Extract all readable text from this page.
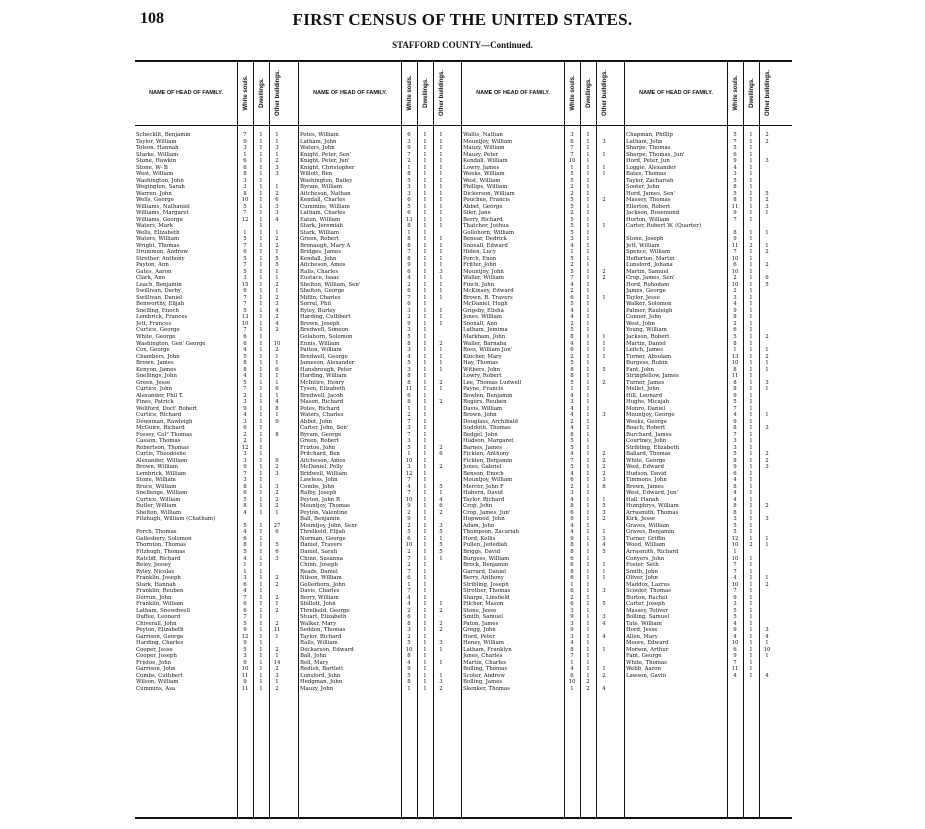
108	FIRST CENSUS OF THE UNITED STATES.
STAFFORD COUNTY—Continued.
NAME OF HEAD OF FAMILY.	White souls. Dwellings. Other buildings.
Scheckllt, Benjamin	7	1	1
Taylor, William	9	1	1
Tolson, Hannah	3	1	3
Starke, William	1	1	1
Stone, Hawkin	6	1	2
Stone, W- B	6	1	3
West, William	8	1	3
Washington, John	3	1
Wegington, Sarah	3	1	1
Warren, John	8	1	2
Wells, George	10	1	6
Williams, Nathaniel	5	1	3
Williams, Margaret	7	1	3
Williams, George	12	1	4
Waters, Mark	1
Wells, Elizabeth	1	1	1
Waters, William	5	1	2
Wright, Thomas	7	1	2
Drummon, Andrew	6	1	1
Strother, Anthony	5	1	5
Payton, Ann	7	1	5
Gates, Aaron	5	1	1
Clark, Ann	3	1	1
Leach, Benjamin	15	1	2
Swillivan, Darby	6	1	1
Swillivan, Daniel	7	1	2
Benworthy, Elijah	7	1	3
Snelling, Enoch	5	1	4
Lembrick, Frances	13	1	2
Jett, Frances	10	1	4
Curtice, George	7	1	2
White, George	6	1
Washington, Gen' George	6	1	10
Cox, George	4	1	2
Chambers, John	5	1	1
Brown, James	8	1	1
Kenyon, James	8	1	6
Snellings, John	4	1	1
Green, Jesse	5	1	1
Curtice, John	7	1	6
Alexander, Phil T.	2	1	1
Fines, Patrick	3	1	4
Wellford, Doct' Robert	9	1	8
Curtice, Richard	4	1	1
Downman, Rawleigh	3	1	9
McGuire, Richard	6	1
Fossey, Col° Thomas	2	1	8
Casson, Thomas	2	1
Robertson, Thomas	12	1
Curtis, Theodoshe	3	1
Alexander, William	3	1	9
Brown, William	9	1	2
Lembrick, William	7	1	3
Stone, William	3	1
Bruce, William	8	1	3
Snellenge, William	6	1	2
Curtice, William	5	1	2
Butler, William	8	1	2
Shelton, William	4	1	1
Fitzhugh, William (Chatham)
5	1	27
Porch, Thomas	4	1	6
Gallesbery, Solomon	6	1
Thornton, Thomas	8	1	5
Fitzhugh, Thomas	5	1	6
Ratcliff, Richard	4	1	3
Reley, Jessey	1	1
Ryley, Nicolas	1	1
Franklin, Joseph	3	1	2
Stark, Hannah	6	1	2
Franklin, Reuben	4	1
Dorrun, John	7	1	2
Franklin, William	6	1	1
Latham, Snowdwell	6	1	2
Duffee, Leonard	7	1
Chiverall, John	5	1	2
Peyton, Elizabeth	9	1	11
Garrison, George	12	1	1
Harding, Charles	9	1
Cooper, Jesse	5	1	2
Cooper, Joseph	3	1	1
Fristoe, John	9	1	14
Garrison, John	10	1	2
Combs, Cuthbert	11	1	3
Wilson, William	9	1	1
Cummins, Asa	11	1	2
NAME OF HEAD OF FAMILY.	White souls. Dwellings. Other buildings.
Potes, William	6	1	1
Latham, John	3	1	1
Waters, John	9	1	1
Knight, Peter, Sen'	7	1	1
Knight, Peter, Jun'	2	1	1
Knight, Christopher	1	1	1
Willott, Ben	8	1	1
Washington, Bailey	5	1	1
Byram, William	3	1	1
Aitcheson, Nathan	3	1	1
Kendall, Charles	6	1	1
Cummins, William	5	1	1
Latham, Charles	6	1	1
Eaton, William	13	1	1
Stark, Jeremiah	8	1	1
Stark, William	1	1
Green, Robert	8	1	1
Bronaugh, Mary A	8	1	1
Bridges, James	7	1	1
Kendall, John	8	1	1
Aitcheson, Amos	9	1	1
Ralls, Charles	6	1	3
Eustace, Isaac	4	1	1
Shelton, William, Sen'	2	1	1
Shelton, George	6	1	1
Miflin, Charles	7	1	1
Sorrel, Phil	6	1
Ryley, Burley	3	1	1
Harding, Cutbbert	2	1	1
Brown, Joseph	9	1	1
Bredwell, Simeon	3	1
Golahorn, Solomon	5	1
Ennis, William	8	1	2
Patten, William	3	1	1
Bredwell, George	4	1	1
Jameson, Alexander	5	1	1
Hansbrough, Peter	3	1	1
Harding, William	8	1
McIntire, Henry	8	1	2
Tyson, Elizabeth	11	1	1
Bredwell, Jacob	6	1
Mason, Richard	8	1	2
Potes, Richard	1	1
Waters, Charles	2	1
Abbot, John	7	1
Carter, John, Sen'	3	1
Byram, George	7	1
Green, Robert	3	1
Friztoe, John	5	1	2
Pritchard, Ben	1	1	6
Aitcheson, Amos	10	1
McDaniel, Polly	3	1	2
Bridwell, William	12	1
Lawless, John	7	1
Combs, John	4	1	5
Ralby, Joseph	7	1	1
Peyton, John R	10	1	4
Mountjoy, Thomas	9	1	6
Peyton, Valentine	2	1	2
Ball, Benjamin	9	1
Mountjoy, John, Senr	2	1	3
Threlkeld, Elijah	5	1	5
Norman, George	6	1	1
Daniel, Travers	10	1	5
Daniel, Sarah	2	1	5
Chinn, Susanna	7	1	1
Chinn, Joseph	2	1
Reads, Daniel	7	1
Nilson, William	6	1
Gollerhorn, John	1	1
Davis, Charles	7	1
Berry, William	4	1
Shillott, John	4	1	1
Threlkeld, George	2	1	2
Stuart, Elizabeth	6	1
Walker, Mary	8	1	2
Seddon, Thomas	3	1	2
Taylor, Richard	2	1
Ralls, William	5	1	3
Deckarson, Edward	10	1	1
Ball, John	8	1
Bell, Mary	4	1	1
Redish, Bartlett	9	1
Lunsford, John	5	1	1
Hedgman, John	8	1	3
Mauzy, John	1	1	2
NAME OF HEAD OF FAMILY.	White souls. Dwellings. Other buildings.
Wallis, Nathan	3	1
Mountjoy, William	6	1	3
Mauzy, William	7	1
Mauzy, Peter	7	1	1
Kendall, William	10	1
Lowry, James	1	1	1
Weeks, William	5	1	1
West, William	5	1
Phillips, William	2	1
Dickerson, William	2	1
Pouchee, Francis	5	1	2
Abbet, George	5	1
Siler, Jane	2	1
Berry, Richard	5	1
Thatcher, Joshua	5	1	1
Gollohorn, William	5	1
Benear, Dedrick	3	1
Snoxall, Edward	4	1
Hiden, Lucy	1	1
Porch, Enon	5	1
Fritter, John	2	1
Mountjoy, John	5	1	2
Waller, William	7	1	2
Finch, John	4	1
McKinsey, Edward	2	1
Brown, R. Travers	6	1	1
McDaniel, Hugh	5	1
Grigsby, Elisha	4	1
Jones, William	4	1
Snoxall, Ann	2	1
Latham, Jemima	5	1
Markham, John	8	1	1
Waller, Barnaba	4	1	1
Ross, William Jun'	6	1	1
Kincher, Mary	2	1	1
Hay, Thomas	5	1
Withers, John	8	1	5
Lowry, Robert	8	1
Lee, Thomas Ludwell	5	1	2
Payne, Francis	1	1
Bowlen, Benjamin	4	1
Rogers, Reuben	3	1
Davis, William	4	1
Brown, John	4	1	3
Douglass, Archibald	2	1
Suddoth, Thomas	4	1
Bedgel, John	8	1
Hudson, Margaret	5	1
Barnes, James	5	1
Ficklen, Anthony	4	1	2
Ficklen, Benjamin	7	1	2
Jones, Gabriel	5	1	2
Benson, Enoch	4	1	2
Mountjoy, William	6	1	3
Mercer, John F	2	1	8
Habern, David	3	1
Taylor, Richard	4	1	1
Crop, John	8	1	5
Crop, James, Jun'	6	1	3
Hopwood, John	9	1	2
Adam, John	4	1
Thompson, Zacariah	4	1	1
Hord, Kellis	9	1	3
Pullen, Jedediah	8	1	4
Briggs, David	8	1	5
Burgess, William	6	1
Brock, Benjamin	6	1	1
Garrard, Daniel	8	1	1
Berry, Anthony	6	1	1
Stribling, Joseph	1	1
Strother, Thomas	6	1	3
Sharpe, Linsfield	2	1
Pilcher, Mason	6	1	5
Stone, Jesse	3	1
Smith, Samuel	9	1	3
Paton, James	3	1	4
Gregg, John	9	1
Hord, Peter	3	1	4
Heney, William	4	1
Latham, Franklyn	8	1	1
Jones, Charles	7	1
Martin, Charles	1	1
Bolling, Thomas	4	1	1
Scoter, Andrew	6	1	2
Bolling, James	10	2
Skenker, Thomas	1	2	4
NAME OF HEAD OF FAMILY.	White souls. Dwellings. Other buildings.
Chapman, Phillip	5	1	2
Latham, John	7	1	2
Sharpe, Thomas	5	1
Sharpe, Thomas, Jun'	6	1
Hord, Peter, Jun	9	1	3
Loggie, Alexander	4	1
Bates, Thomas	3	1
Taylor, Zachariah	5	1
Sooter, John	8	1
Hord, James, Sen'	5	1	5
Massey, Thomas	8	1	2
Ellerton, Robert	11	1	3
Jackson, Rosemond	9	1	1
Horton, William	7	1
Carter, Robert W. (Quarter)
8	1	1
Stone, Joseph	9	1
Jett, William	11	2	1
Spence, William	7	1	2
Hefferton, Martin	10	1
Lunsford, Johana	6	1	2
Martin, Samuel	10	1
Crop, James, Sen'	2	1	6
Hord, Rohodam	10	1	5
James, George	2	1
Taylor, Jesse	3	1
Walker, Solomon	4	1
Palmer, Rauleigh	9	1
Conner, John	8	1
West, John	2	1
Young, William	6	1
Jackson, Robert	5	1	2
Martin, Daniel	8	1
Leitch, James	1	1	1
Turner, Absolam	13	1	2
Burgess, Rubin	10	1	1
Fant, John	8	1	1
Stringfellow, James	11	1
Turner, James	8	1	3
Mellet, John	8	1	1
Hill, Leonard	9	1
Hughs, Micajah	5	1
Monro, Daniel	7	1
Mountjoy, George	4	1	1
Weeks, George	9	1
Roach, Robert	8	1	3
Burchard, James	7	1
Courtney, John	3	1
Stribling, Elizabeth	3	1
Ballard, Thomas	5	1	2
White, George	8	1	2
West, Edward	9	1	3
Hudson, David	6	1
Timmons, John	4	1
Brown, James	8	1
West, Edward, Jun'	4	1
Hall, Hanah	4	1
Humphrys, William	8	1	2
Arrasmith, Thomas	8	1
Kirk, Jesse	3	1	3
Graves, William	5	1
Graves, Benjamin	5	1
Turner, Griffin	12	1	1
Wood, William	10	2	1
Arrasmith, Richard	1
Conyers, John	10	1
Foster, Seth	7	1
Smith, John	7	1
Oliver, John	4	1	1
Maddox, Lazrus	10	1	2
Scooler, Thomas	7	1
Burton, Rachel	9	1
Carter, Joseph	3	1
Massey, Toliver	5	1
Bolling, Samuel	5	1
Tate, William	4	1
Hord, Jesse	9	1	3
Allen, Mary	4	1	4
Moore, Edward	10	1	1
Morson, Arthur	6	1	10
Fant, George	9	1	1
White, Thomas	7	1
Webb, Aaron	11	1
Lawson, Gavin	4	1	4
